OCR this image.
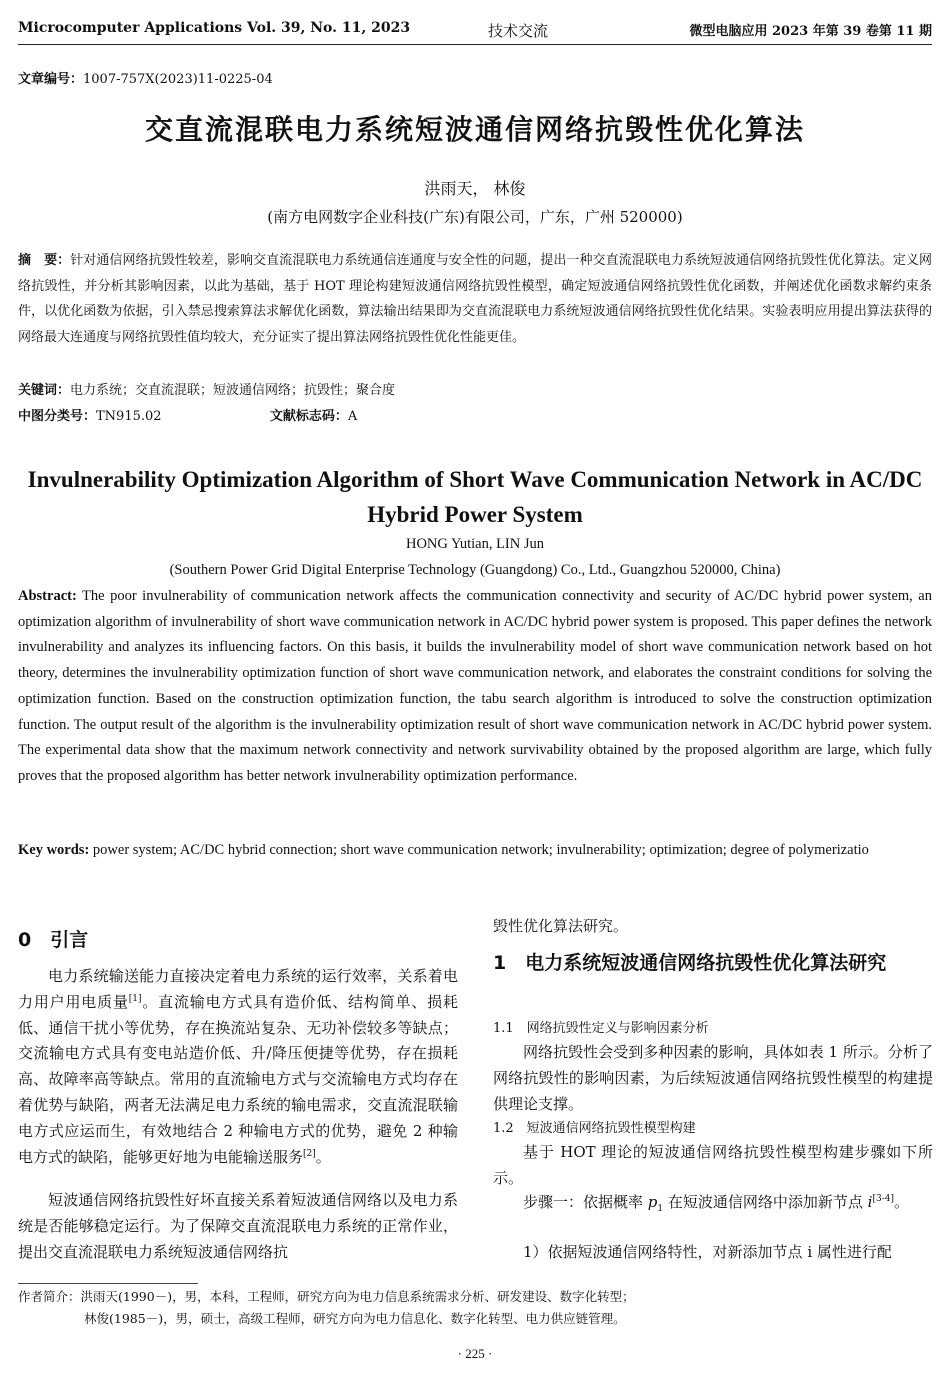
Microcomputer Applications Vol. 39, No. 11, 2023	技术交流	微型电脑应用 2023 年第 39 卷第 11 期
文章编号：1007-757X(2023)11-0225-04
交直流混联电力系统短波通信网络抗毁性优化算法
洪雨天， 林俊
(南方电网数字企业科技(广东)有限公司，广东，广州 520000)
摘　要：针对通信网络抗毁性较差，影响交直流混联电力系统通信连通度与安全性的问题，提出一种交直流混联电力系统短波通信网络抗毁性优化算法。定义网络抗毁性，并分析其影响因素，以此为基础，基于 HOT 理论构建短波通信网络抗毁性模型，确定短波通信网络抗毁性优化函数，并阐述优化函数求解约束条件，以优化函数为依据，引入禁忌搜索算法求解优化函数，算法输出结果即为交直流混联电力系统短波通信网络抗毁性优化结果。实验表明应用提出算法获得的网络最大连通度与网络抗毁性值均较大，充分证实了提出算法网络抗毁性优化性能更佳。
关键词：电力系统；交直流混联；短波通信网络；抗毁性；聚合度
中图分类号：TN915.02	文献标志码：A
Invulnerability Optimization Algorithm of Short Wave Communication Network in AC/DC Hybrid Power System
HONG Yutian, LIN Jun
(Southern Power Grid Digital Enterprise Technology (Guangdong) Co., Ltd., Guangzhou 520000, China)
Abstract: The poor invulnerability of communication network affects the communication connectivity and security of AC/DC hybrid power system, an optimization algorithm of invulnerability of short wave communication network in AC/DC hybrid power system is proposed. This paper defines the network invulnerability and analyzes its influencing factors. On this basis, it builds the invulnerability model of short wave communication network based on hot theory, determines the invulnerability optimization function of short wave communication network, and elaborates the constraint conditions for solving the optimization function. Based on the construction optimization function, the tabu search algorithm is introduced to solve the construction optimization function. The output result of the algorithm is the invulnerability optimization result of short wave communication network in AC/DC hybrid power system. The experimental data show that the maximum network connectivity and network survivability obtained by the proposed algorithm are large, which fully proves that the proposed algorithm has better network invulnerability optimization performance.
Key words: power system; AC/DC hybrid connection; short wave communication network; invulnerability; optimization; degree of polymerizatio
0　引言
电力系统输送能力直接决定着电力系统的运行效率，关系着电力用户用电质量[1]。直流输电方式具有造价低、结构简单、损耗低、通信干扰小等优势，存在换流站复杂、无功补偿较多等缺点；交流输电方式具有变电站造价低、升/降压便捷等优势，存在损耗高、故障率高等缺点。常用的直流输电方式与交流输电方式均存在着优势与缺陷，两者无法满足电力系统的输电需求，交直流混联输电方式应运而生，有效地结合 2 种输电方式的优势，避免 2 种输电方式的缺陷，能够更好地为电能输送服务[2]。
短波通信网络抗毁性好坏直接关系着短波通信网络以及电力系统是否能够稳定运行。为了保障交直流混联电力系统的正常作业，提出交直流混联电力系统短波通信网络抗
毁性优化算法研究。
1　电力系统短波通信网络抗毁性优化算法研究
1.1　网络抗毁性定义与影响因素分析
网络抗毁性会受到多种因素的影响，具体如表 1 所示。分析了网络抗毁性的影响因素，为后续短波通信网络抗毁性模型的构建提供理论支撑。
1.2　短波通信网络抗毁性模型构建
基于 HOT 理论的短波通信网络抗毁性模型构建步骤如下所示。
步骤一：依据概率 $p_1$ 在短波通信网络中添加新节点 i[3-4]。
1）依据短波通信网络特性，对新添加节点 i 属性进行配
作者简介：洪雨天(1990－)，男，本科，工程师，研究方向为电力信息系统需求分析、研发建设、数字化转型；
林俊(1985－)，男，硕士，高级工程师，研究方向为电力信息化、数字化转型、电力供应链管理。
· 225 ·
